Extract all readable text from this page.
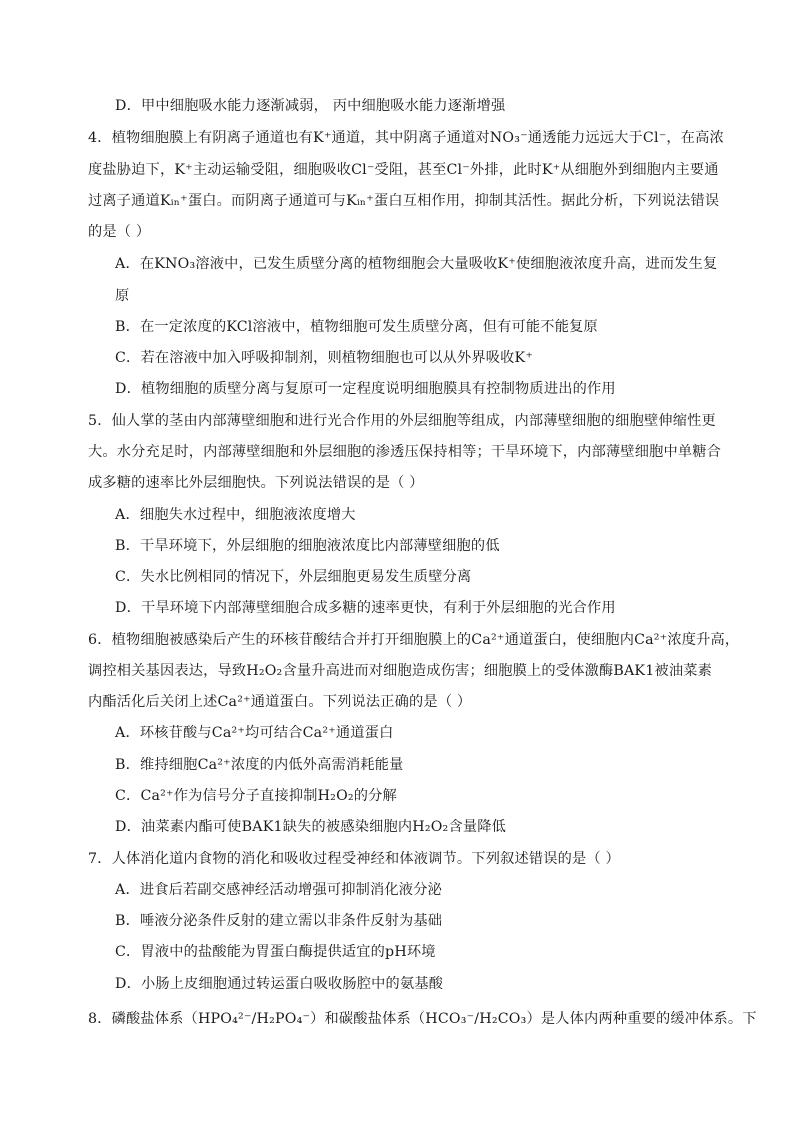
D．甲中细胞吸水能力逐渐减弱， 丙中细胞吸水能力逐渐增强
4．植物细胞膜上有阴离子通道也有K⁺通道，其中阴离子通道对NO₃⁻通透能力远远大于Cl⁻，在高浓
度盐胁迫下，K⁺主动运输受阻，细胞吸收Cl⁻受阻，甚至Cl⁻外排，此时K⁺从细胞外到细胞内主要通
过离子通道Kᵢₙ⁺蛋白。而阴离子通道可与Kᵢₙ⁺蛋白互相作用，抑制其活性。据此分析，下列说法错误
的是（ ）
A．在KNO₃溶液中，已发生质壁分离的植物细胞会大量吸收K⁺使细胞液浓度升高，进而发生复
原
B．在一定浓度的KCl溶液中，植物细胞可发生质壁分离，但有可能不能复原
C．若在溶液中加入呼吸抑制剂，则植物细胞也可以从外界吸收K⁺
D．植物细胞的质壁分离与复原可一定程度说明细胞膜具有控制物质进出的作用
5．仙人掌的茎由内部薄壁细胞和进行光合作用的外层细胞等组成，内部薄壁细胞的细胞壁伸缩性更
大。水分充足时，内部薄壁细胞和外层细胞的渗透压保持相等；干旱环境下，内部薄壁细胞中单糖合
成多糖的速率比外层细胞快。下列说法错误的是（ ）
A．细胞失水过程中，细胞液浓度增大
B．干旱环境下，外层细胞的细胞液浓度比内部薄壁细胞的低
C．失水比例相同的情况下，外层细胞更易发生质壁分离
D．干旱环境下内部薄壁细胞合成多糖的速率更快，有利于外层细胞的光合作用
6．植物细胞被感染后产生的环核苷酸结合并打开细胞膜上的Ca²⁺通道蛋白，使细胞内Ca²⁺浓度升高，
调控相关基因表达，导致H₂O₂含量升高进而对细胞造成伤害；细胞膜上的受体激酶BAK1被油菜素
内酯活化后关闭上述Ca²⁺通道蛋白。下列说法正确的是（ ）
A．环核苷酸与Ca²⁺均可结合Ca²⁺通道蛋白
B．维持细胞Ca²⁺浓度的内低外高需消耗能量
C．Ca²⁺作为信号分子直接抑制H₂O₂的分解
D．油菜素内酯可使BAK1缺失的被感染细胞内H₂O₂含量降低
7．人体消化道内食物的消化和吸收过程受神经和体液调节。下列叙述错误的是（ ）
A．进食后若副交感神经活动增强可抑制消化液分泌
B．唾液分泌条件反射的建立需以非条件反射为基础
C．胃液中的盐酸能为胃蛋白酶提供适宜的pH环境
D．小肠上皮细胞通过转运蛋白吸收肠腔中的氨基酸
8．磷酸盐体系（HPO₄²⁻/H₂PO₄⁻）和碳酸盐体系（HCO₃⁻/H₂CO₃）是人体内两种重要的缓冲体系。下
